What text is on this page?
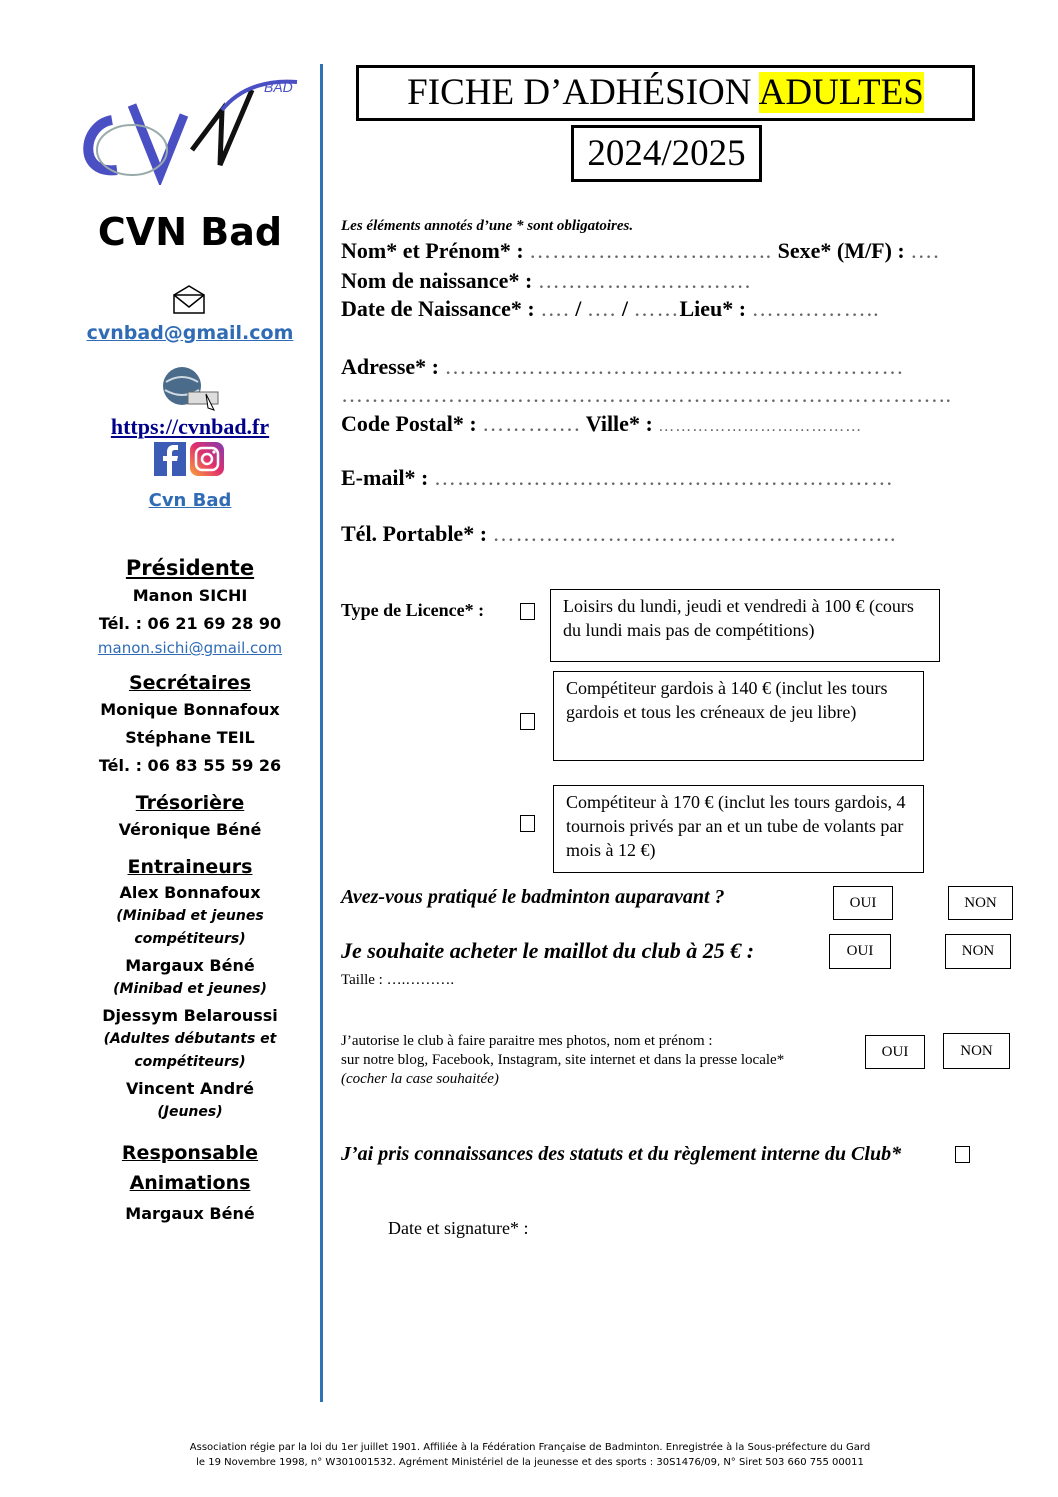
BAD
CVN Bad
cvnbad@gmail.com
https://cvnbad.fr
Cvn Bad
Présidente
Manon SICHI
Tél. : 06 21 69 28 90
manon.sichi@gmail.com
Secrétaires
Monique Bonnafoux
Stéphane TEIL
Tél. : 06 83 55 59 26
Trésorière
Véronique Béné
Entraineurs
Alex Bonnafoux
(Minibad et jeunes
compétiteurs)
Margaux Béné
(Minibad et jeunes)
Djessym Belaroussi
(Adultes débutants et
compétiteurs)
Vincent André
(Jeunes)
Responsable
Animations
Margaux Béné
FICHE D’ADHÉSION ADULTES
2024/2025
Les éléments annotés d’une * sont obligatoires.
Nom* et Prénom* : ………………………….. Sexe* (M/F) : ….
Nom de naissance* : ……………………….
Date de Naissance* : …. / …. / ……Lieu* : ……………..
Adresse* : ……………………………………………………
……………………………………………………………………..
Code Postal* : …………. Ville* : ………………………………
E-mail* : ……………………………………………………
Tél. Portable* : ……………………………………………..
Type de Licence* :	Loisirs du lundi, jeudi et vendredi à 100 € (cours du lundi mais pas de compétitions)
Compétiteur gardois à 140 € (inclut les tours gardois et tous les créneaux de jeu libre)
Compétiteur à 170 € (inclut les tours gardois, 4 tournois privés par an et un tube de volants par mois à 12 €)
Avez-vous pratiqué le badminton auparavant ?	OUI	NON
Je souhaite acheter le maillot du club à 25 € :	OUI	NON
Taille : ….……….
J’autorise le club à faire paraitre mes photos, nom et prénom :
sur notre blog, Facebook, Instagram, site internet et dans la presse locale*
(cocher la case souhaitée)
OUI	NON
J’ai pris connaissances des statuts et du règlement interne du Club*
Date et signature* :
Association régie par la loi du 1er juillet 1901. Affiliée à la Fédération Française de Badminton. Enregistrée à la Sous-préfecture du Gard
le 19 Novembre 1998, n° W301001532. Agrément Ministériel de la jeunesse et des sports : 30S1476/09, N° Siret 503 660 755 00011
